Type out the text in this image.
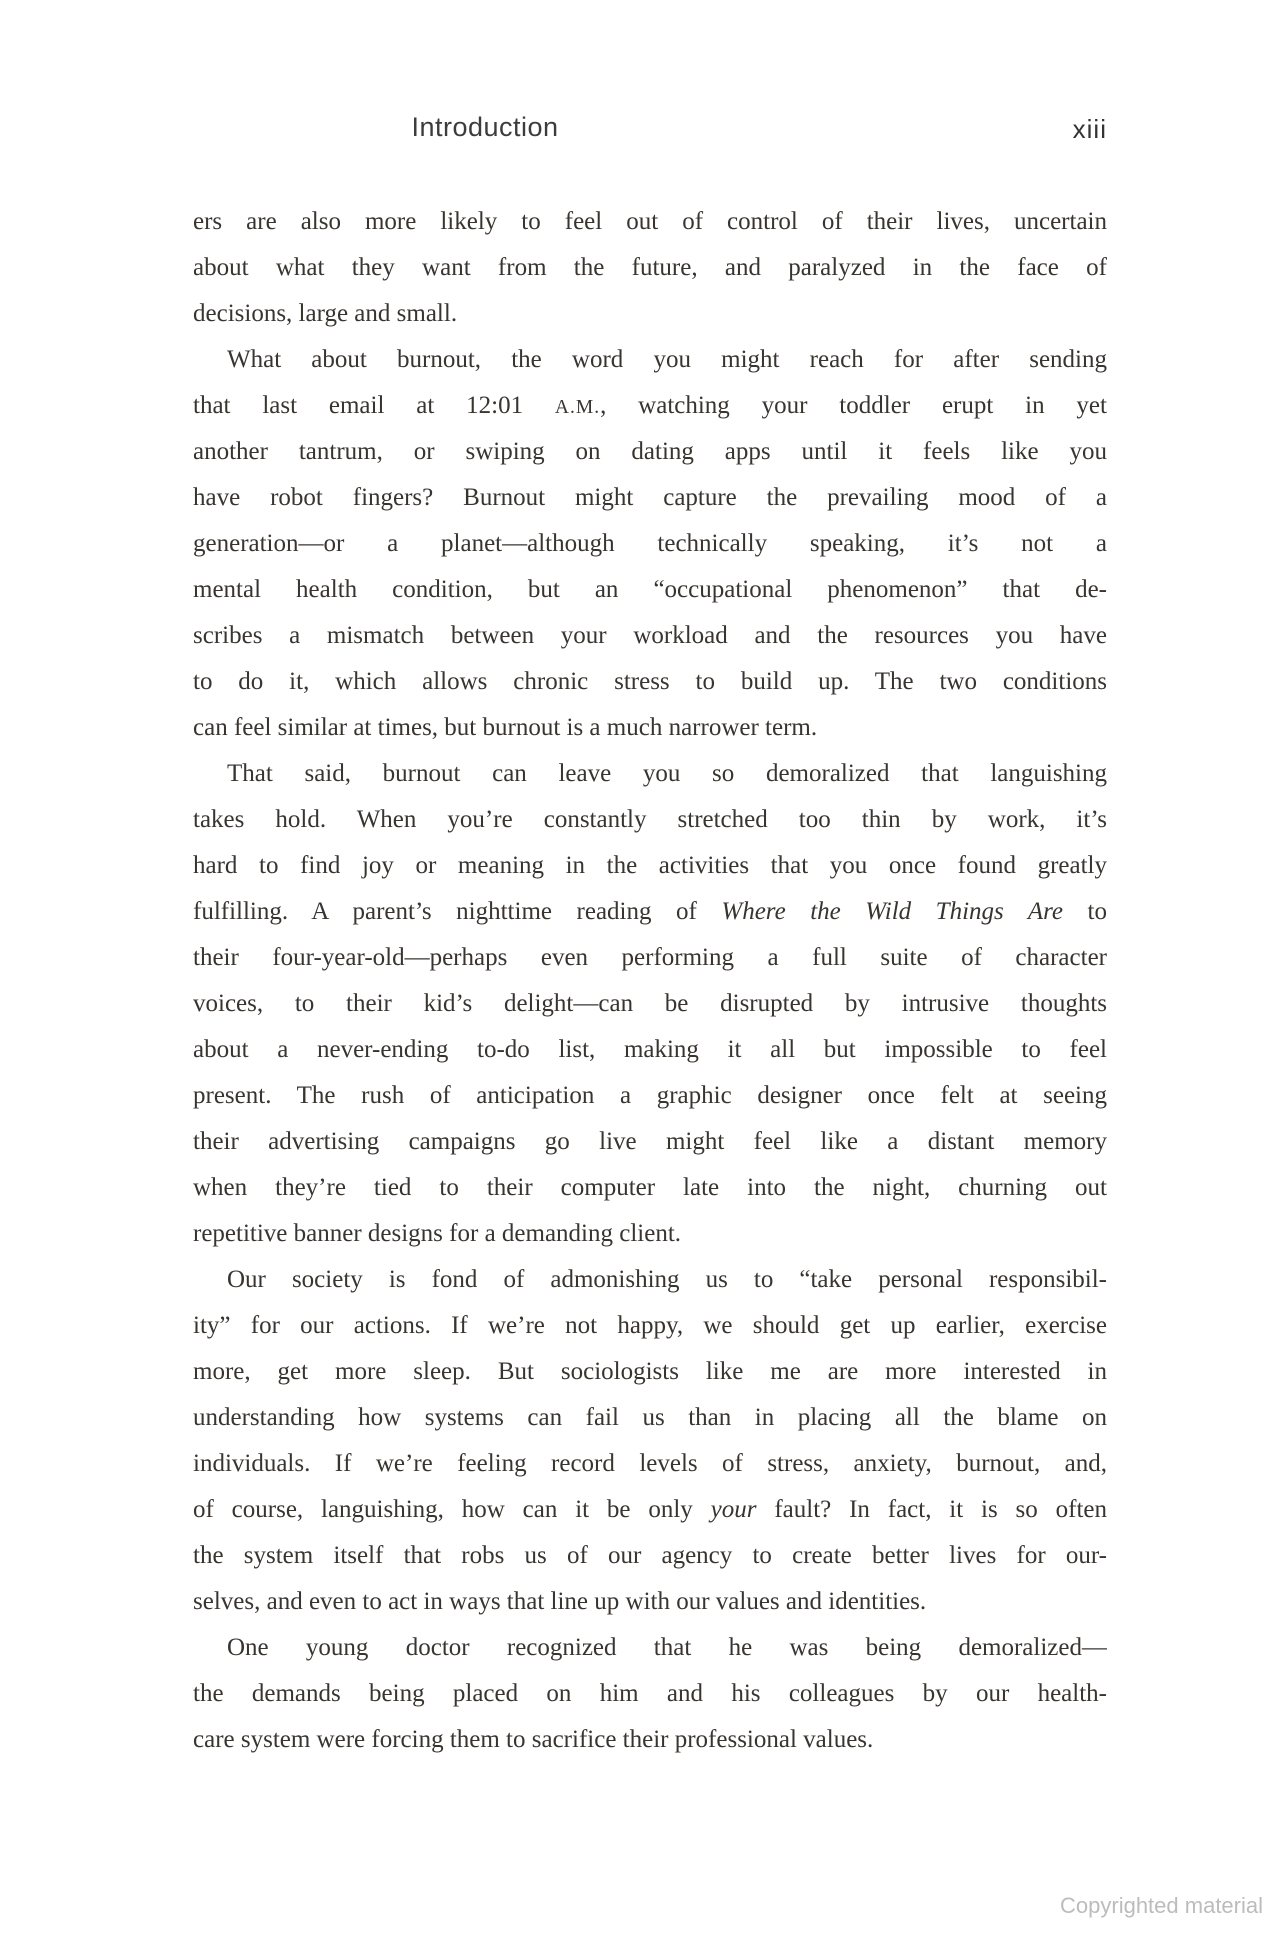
Introduction	xiii
ers are also more likely to feel out of control of their lives, uncertain
about what they want from the future, and paralyzed in the face of
decisions, large and small.
What about burnout, the word you might reach for after sending
that last email at 12:01 A.M., watching your toddler erupt in yet
another tantrum, or swiping on dating apps until it feels like you
have robot fingers? Burnout might capture the prevailing mood of a
generation—or a planet—although technically speaking, it’s not a
mental health condition, but an “occupational phenomenon” that de-
scribes a mismatch between your workload and the resources you have
to do it, which allows chronic stress to build up. The two conditions
can feel similar at times, but burnout is a much narrower term.
That said, burnout can leave you so demoralized that languishing
takes hold. When you’re constantly stretched too thin by work, it’s
hard to find joy or meaning in the activities that you once found greatly
fulfilling. A parent’s nighttime reading of Where the Wild Things Are to
their four-year-old—perhaps even performing a full suite of character
voices, to their kid’s delight—can be disrupted by intrusive thoughts
about a never-ending to-do list, making it all but impossible to feel
present. The rush of anticipation a graphic designer once felt at seeing
their advertising campaigns go live might feel like a distant memory
when they’re tied to their computer late into the night, churning out
repetitive banner designs for a demanding client.
Our society is fond of admonishing us to “take personal responsibil-
ity” for our actions. If we’re not happy, we should get up earlier, exercise
more, get more sleep. But sociologists like me are more interested in
understanding how systems can fail us than in placing all the blame on
individuals. If we’re feeling record levels of stress, anxiety, burnout, and,
of course, languishing, how can it be only your fault? In fact, it is so often
the system itself that robs us of our agency to create better lives for our-
selves, and even to act in ways that line up with our values and identities.
One young doctor recognized that he was being demoralized—
the demands being placed on him and his colleagues by our health-
care system were forcing them to sacrifice their professional values.
Copyrighted material
